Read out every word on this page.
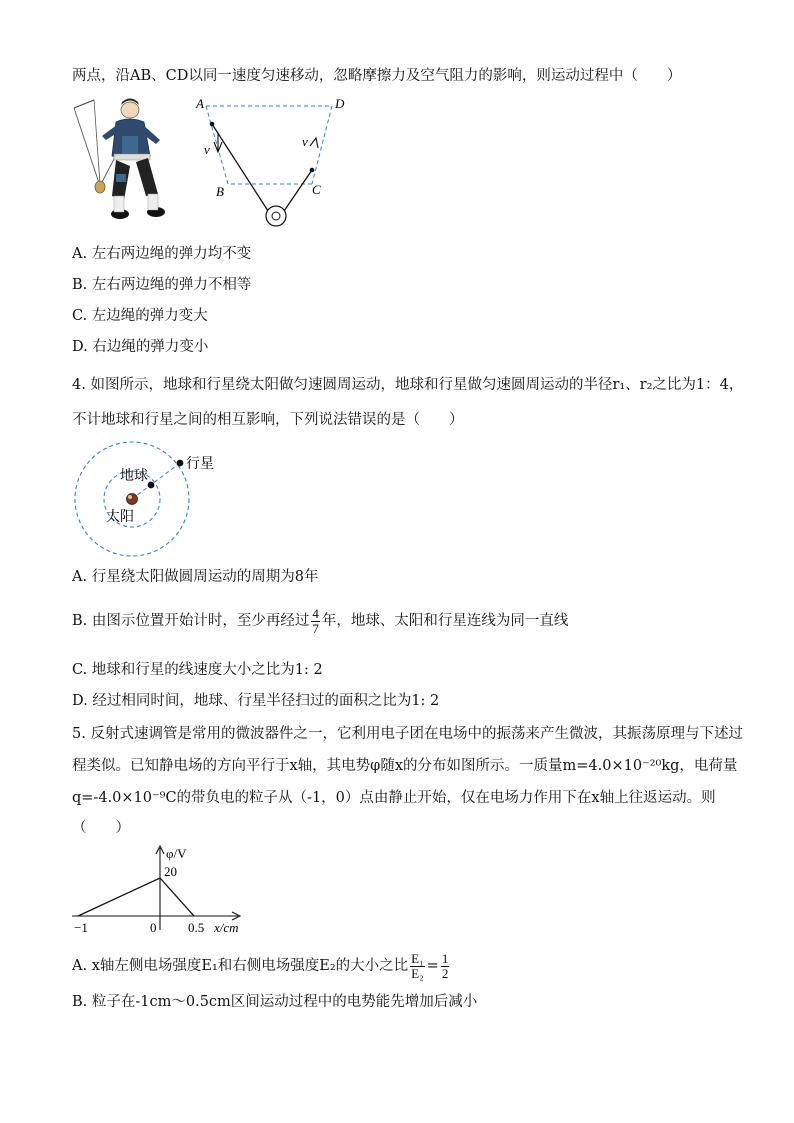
两点，沿AB、CD以同一速度匀速移动，忽略摩擦力及空气阻力的影响，则运动过程中（　　）
A	D
B	C
v
v
A. 左右两边绳的弹力均不变
B. 左右两边绳的弹力不相等
C. 左边绳的弹力变大
D. 右边绳的弹力变小
4. 如图所示，地球和行星绕太阳做匀速圆周运动，地球和行星做匀速圆周运动的半径r₁、r₂之比为1：4，
不计地球和行星之间的相互影响，下列说法错误的是（　　）
行星
地球
太阳
A. 行星绕太阳做圆周运动的周期为8年
B. 由图示位置开始计时，至少再经过 $\frac{4}{7}$ 年，地球、太阳和行星连线为同一直线
C. 地球和行星的线速度大小之比为1: 2
D. 经过相同时间，地球、行星半径扫过的面积之比为1: 2
5. 反射式速调管是常用的微波器件之一，它利用电子团在电场中的振荡来产生微波，其振荡原理与下述过
程类似。已知静电场的方向平行于x轴，其电势φ随x的分布如图所示。一质量m=4.0×10⁻²⁰kg，电荷量
q=-4.0×10⁻⁹C的带负电的粒子从（-1，0）点由静止开始，仅在电场力作用下在x轴上往返运动。则
（　　）
φ/V
20
−1	0 0.5 x/cm
A. x轴左侧电场强度E₁和右侧电场强度E₂的大小之比 $\frac{\text{E₁}}{\text{E₂}} = \frac{1}{2}$
B. 粒子在-1cm～0.5cm区间运动过程中的电势能先增加后减小
